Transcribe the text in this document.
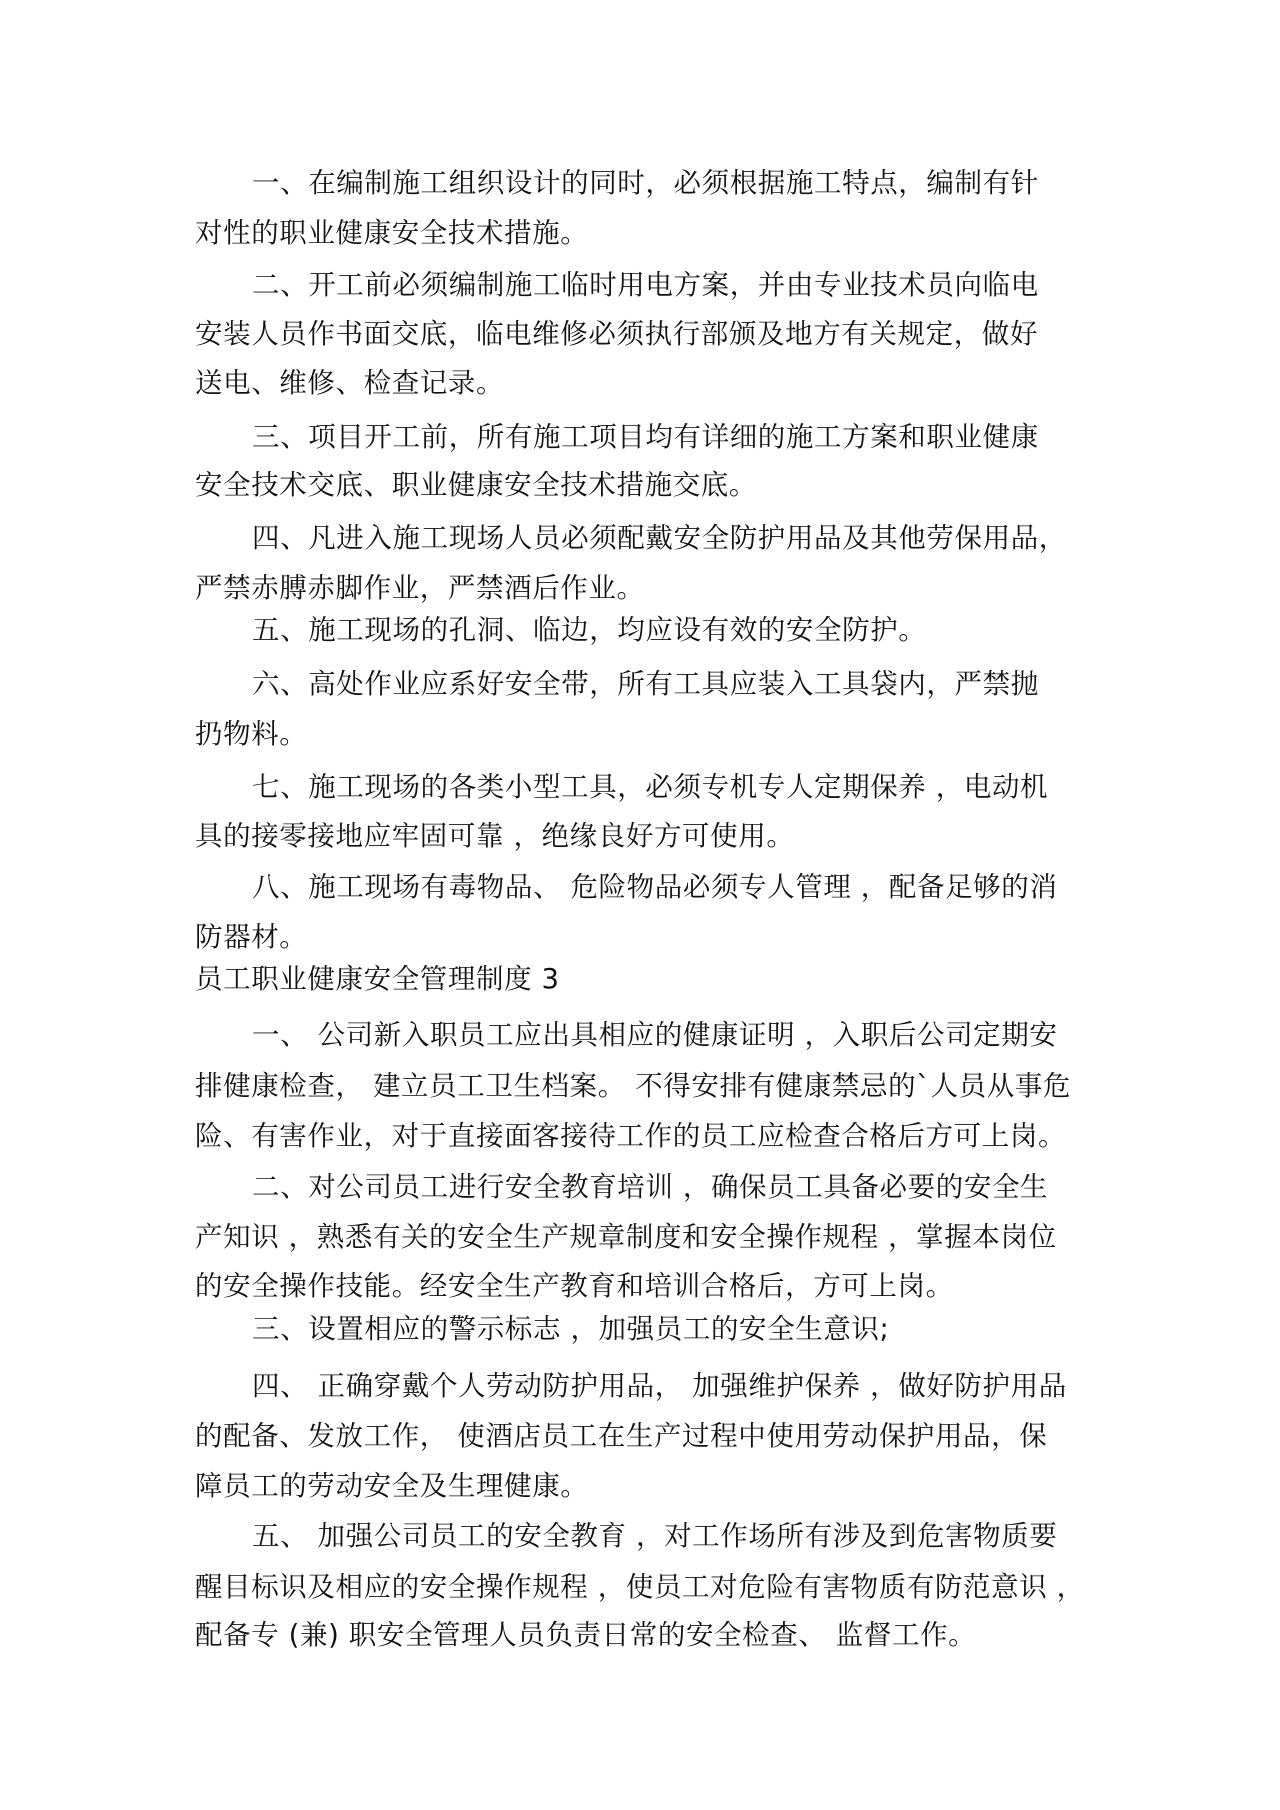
一、在编制施工组织设计的同时，必须根据施工特点，编制有针
对性的职业健康安全技术措施。
二、开工前必须编制施工临时用电方案，并由专业技术员向临电
安装人员作书面交底，临电维修必须执行部颁及地方有关规定，做好
送电、维修、检查记录。
三、项目开工前，所有施工项目均有详细的施工方案和职业健康
安全技术交底、职业健康安全技术措施交底。
四、凡进入施工现场人员必须配戴安全防护用品及其他劳保用品，
严禁赤膊赤脚作业，严禁酒后作业。
五、施工现场的孔洞、临边，均应设有效的安全防护。
六、高处作业应系好安全带，所有工具应装入工具袋内，严禁抛
扔物料。
七、施工现场的各类小型工具，必须专机专人定期保养 ，电动机
具的接零接地应牢固可靠 ，绝缘良好方可使用。
八、施工现场有毒物品、 危险物品必须专人管理 ，配备足够的消
防器材。
一、 公司新入职员工应出具相应的健康证明 ，入职后公司定期安
排健康检查， 建立员工卫生档案。 不得安排有健康禁忌的`人员从事危
险、有害作业，对于直接面客接待工作的员工应检查合格后方可上岗。
二、对公司员工进行安全教育培训 ，确保员工具备必要的安全生
产知识 ，熟悉有关的安全生产规章制度和安全操作规程 ，掌握本岗位
的安全操作技能。经安全生产教育和培训合格后，方可上岗。
三、设置相应的警示标志 ，加强员工的安全生意识;
四、 正确穿戴个人劳动防护用品， 加强维护保养 ，做好防护用品
的配备、发放工作， 使酒店员工在生产过程中使用劳动保护用品，保
障员工的劳动安全及生理健康。
五、 加强公司员工的安全教育 ，对工作场所有涉及到危害物质要
醒目标识及相应的安全操作规程 ，使员工对危险有害物质有防范意识 ，
配备专 (兼) 职安全管理人员负责日常的安全检查、 监督工作。
员工职业健康安全管理制度 3
